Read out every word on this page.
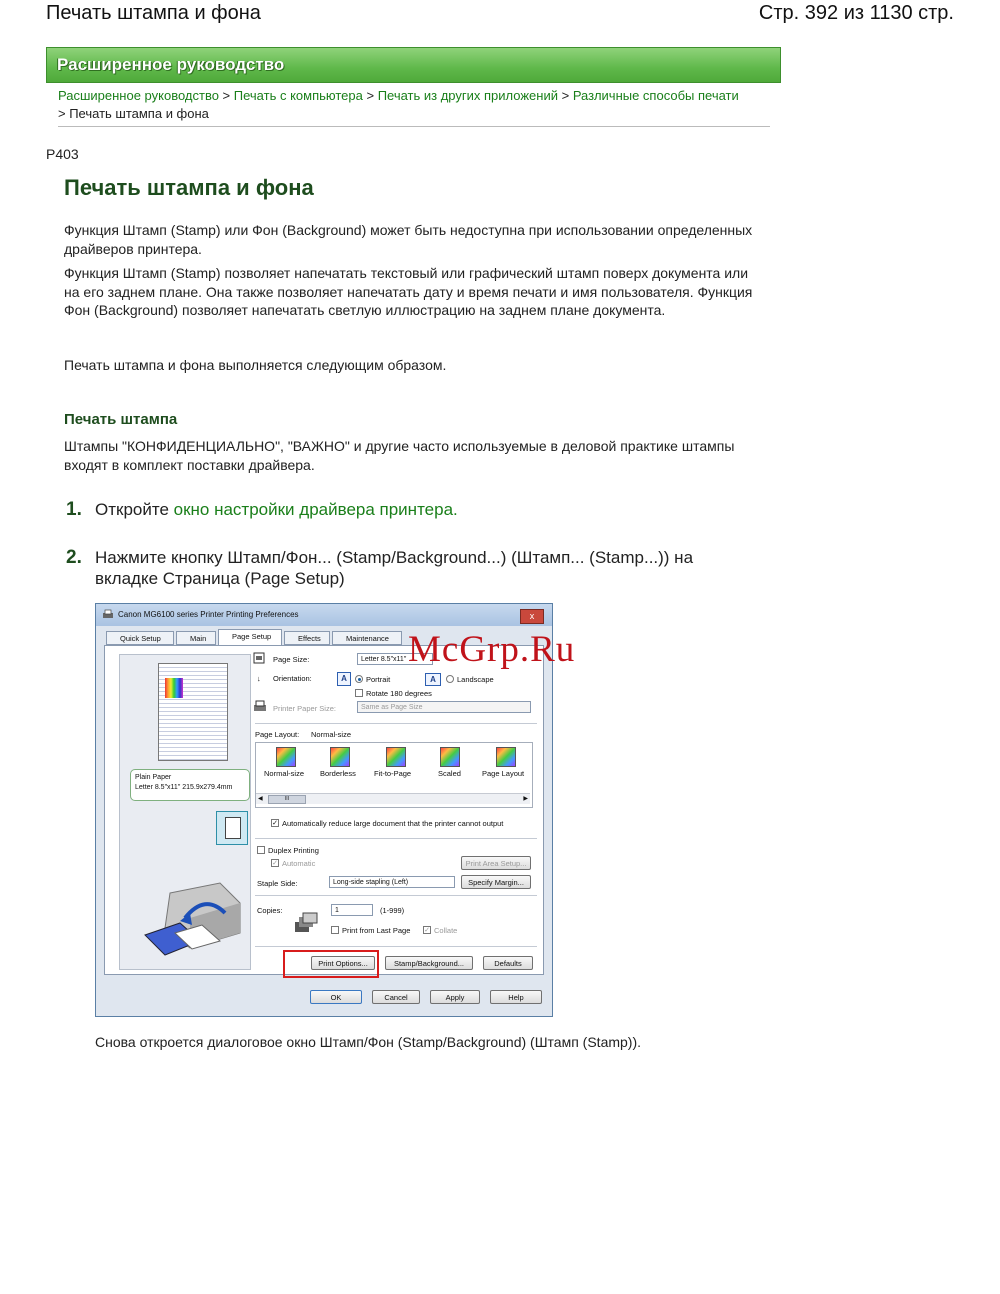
Печать штампа и фона	Стр. 392 из 1130 стр.
Расширенное руководство
Расширенное руководство > Печать с компьютера > Печать из других приложений > Различные способы печати
> Печать штампа и фона
P403
Печать штампа и фона
Функция Штамп (Stamp) или Фон (Background) может быть недоступна при использовании определенных драйверов принтера.
Функция Штамп (Stamp) позволяет напечатать текстовый или графический штамп поверх документа или на его заднем плане. Она также позволяет напечатать дату и время печати и имя пользователя. Функция Фон (Background) позволяет напечатать светлую иллюстрацию на заднем плане документа.
Печать штампа и фона выполняется следующим образом.
Печать штампа
Штампы "КОНФИДЕНЦИАЛЬНО", "ВАЖНО" и другие часто используемые в деловой практике штампы входят в комплект поставки драйвера.
1. Откройте окно настройки драйвера принтера.
2. Нажмите кнопку Штамп/Фон... (Stamp/Background...) (Штамп... (Stamp...)) на вкладке Страница (Page Setup)
Canon MG6100 series Printer Printing Preferences	x
Quick Setup	Main	Page Setup	Effects	Maintenance
Plain Paper
Letter 8.5"x11" 215.9x279.4mm
Page Size:	Letter 8.5"x11"
↓ Orientation:	A	Portrait	A	Landscape
Rotate 180 degrees
Printer Paper Size:	Same as Page Size
Page Layout: Normal-size
Normal-size Borderless Fit-to-Page	Scaled	Page Layout
◀	III	▶
✓ Automatically reduce large document that the printer cannot output
Duplex Printing
✓ Automatic	Print Area Setup...
Staple Side:	Long-side stapling (Left)	Specify Margin...
Copies:	1	(1-999)
Print from Last Page ✓ Collate
Print Options...	Stamp/Background...	Defaults
OK	Cancel	Apply	Help
McGrp.Ru
Снова откроется диалоговое окно Штамп/Фон (Stamp/Background) (Штамп (Stamp)).
